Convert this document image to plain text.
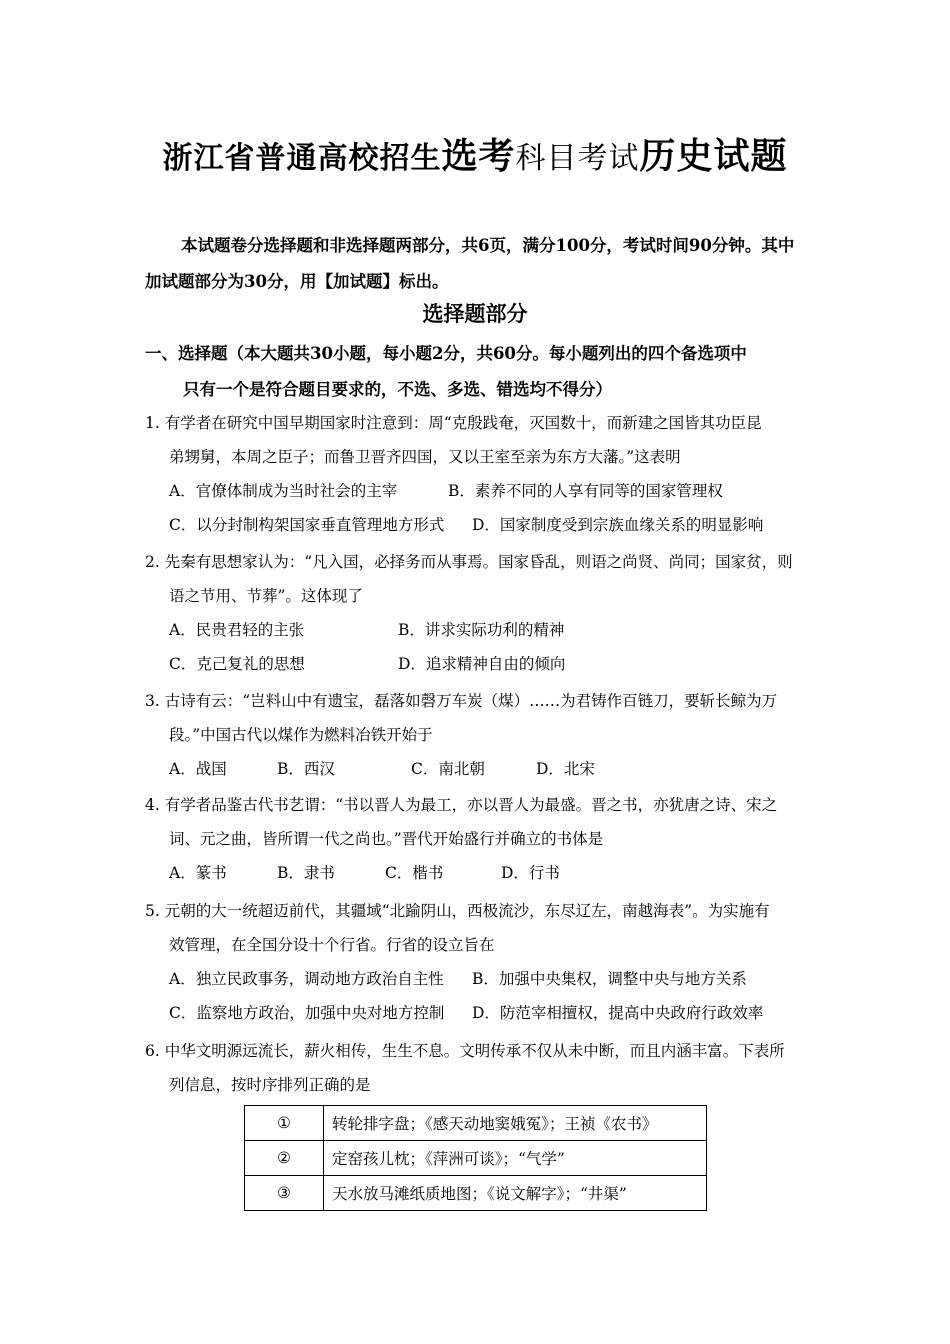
浙江省普通高校招生选考科目考试历史试题
本试题卷分选择题和非选择题两部分，共6页，满分100分，考试时间90分钟。其中加试题部分为30分，用【加试题】标出。
选择题部分
一、选择题（本大题共30小题，每小题2分，共60分。每小题列出的四个备选项中
只有一个是符合题目要求的，不选、多选、错选均不得分）
1. 有学者在研究中国早期国家时注意到：周“克殷践奄，灭国数十，而新建之国皆其功臣昆
弟甥舅，本周之臣子；而鲁卫晋齐四国，又以王室至亲为东方大藩。”这表明
A．官僚体制成为当时社会的主宰	B．素养不同的人享有同等的国家管理权
C．以分封制构架国家垂直管理地方形式 D．国家制度受到宗族血缘关系的明显影响
2. 先秦有思想家认为：“凡入国，必择务而从事焉。国家昏乱，则语之尚贤、尚同；国家贫，则
语之节用、节葬”。这体现了
A．民贵君轻的主张	B．讲求实际功利的精神
C．克己复礼的思想	D．追求精神自由的倾向
3. 古诗有云：“岂料山中有遗宝，磊落如磬万车炭（煤）……为君铸作百链刀，要斩长鲸为万
段。”中国古代以煤作为燃料冶铁开始于
A．战国	B．西汉	C．南北朝	D．北宋
4. 有学者品鉴古代书艺谓：“书以晋人为最工，亦以晋人为最盛。晋之书，亦犹唐之诗、宋之
词、元之曲，皆所谓一代之尚也。”晋代开始盛行并确立的书体是
A．篆书	B．隶书	C．楷书	D．行书
5. 元朝的大一统超迈前代，其疆域“北踰阴山，西极流沙，东尽辽左，南越海表”。为实施有
效管理，在全国分设十个行省。行省的设立旨在
A．独立民政事务，调动地方政治自主性 B．加强中央集权，调整中央与地方关系
C．监察地方政治，加强中央对地方控制 D．防范宰相擅权，提高中央政府行政效率
6. 中华文明源远流长，薪火相传，生生不息。文明传承不仅从未中断，而且内涵丰富。下表所
列信息，按时序排列正确的是
①	转轮排字盘；《感天动地窦娥冤》；王祯《农书》
②	定窑孩儿枕；《萍洲可谈》；“气学”
③	天水放马滩纸质地图；《说文解字》；“井渠”
